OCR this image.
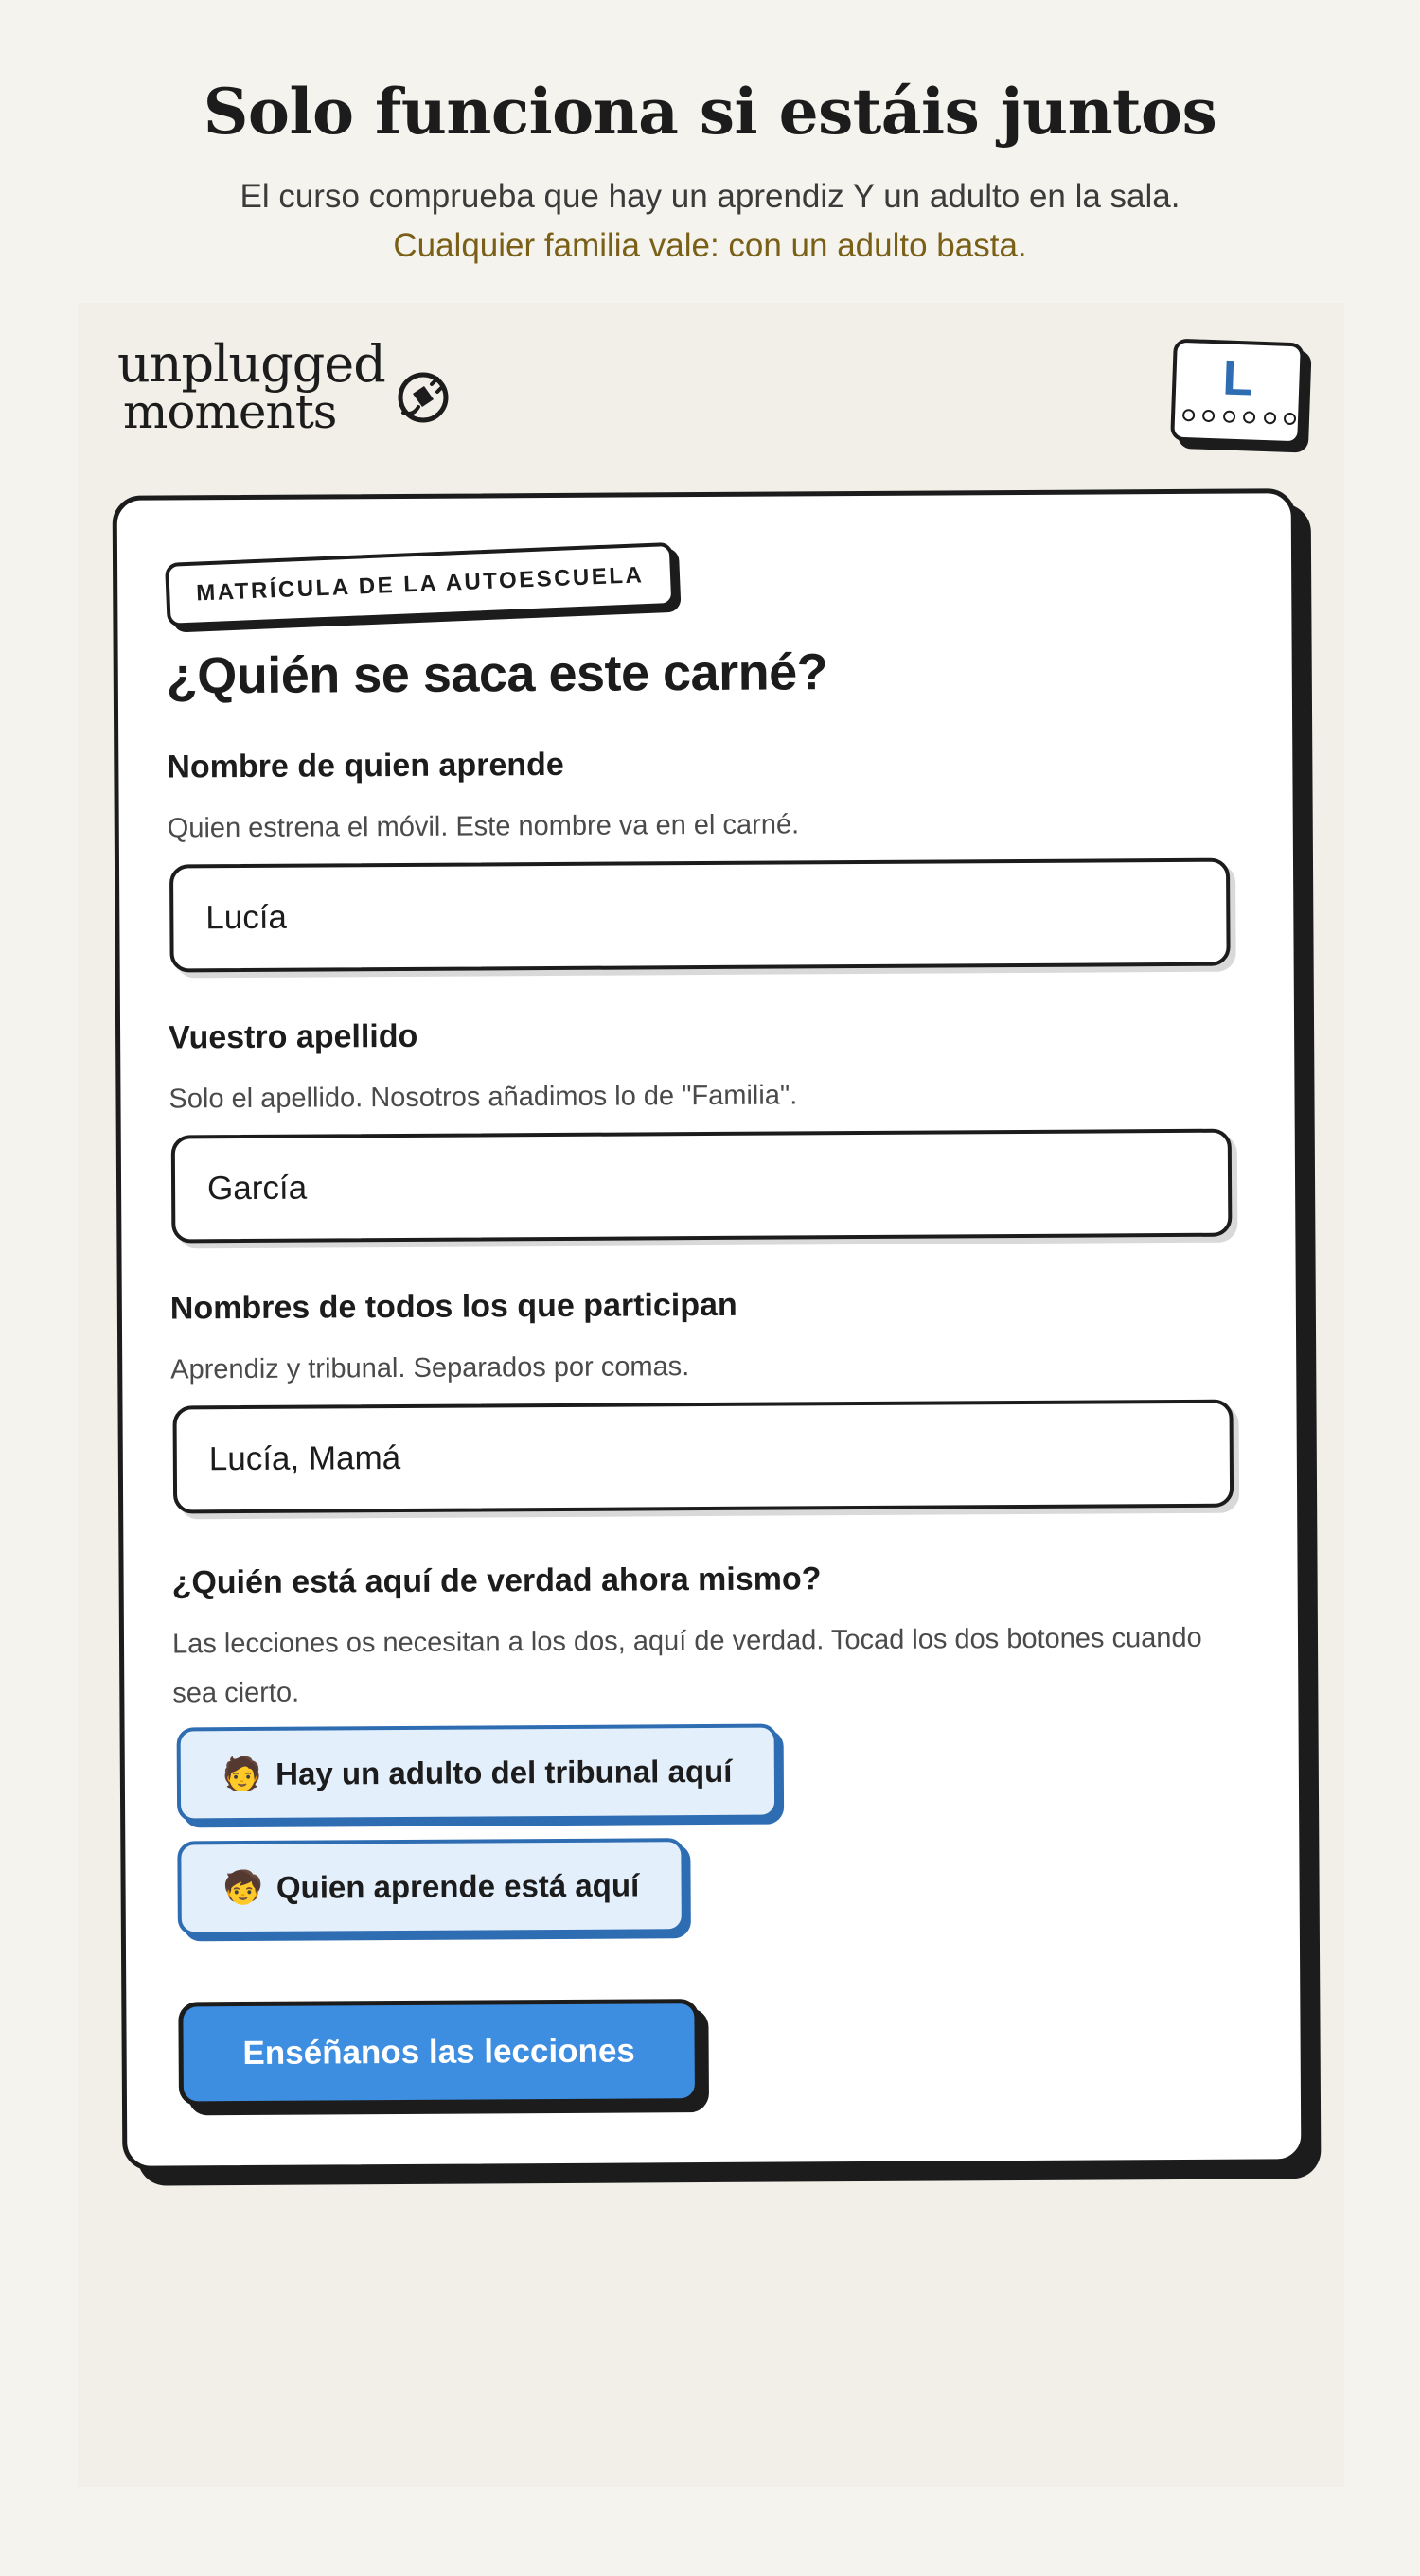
Solo funciona si estáis juntos
El curso comprueba que hay un aprendiz Y un adulto en la sala.
Cualquier familia vale: con un adulto basta.
unplugged
moments
L
MATRÍCULA DE LA AUTOESCUELA
¿Quién se saca este carné?
Nombre de quien aprende
Quien estrena el móvil. Este nombre va en el carné.
Lucía
Vuestro apellido
Solo el apellido. Nosotros añadimos lo de "Familia".
García
Nombres de todos los que participan
Aprendiz y tribunal. Separados por comas.
Lucía, Mamá
¿Quién está aquí de verdad ahora mismo?
Las lecciones os necesitan a los dos, aquí de verdad. Tocad los dos botones cuando sea cierto.
🧑 Hay un adulto del tribunal aquí
🧒 Quien aprende está aquí
Enséñanos las lecciones
